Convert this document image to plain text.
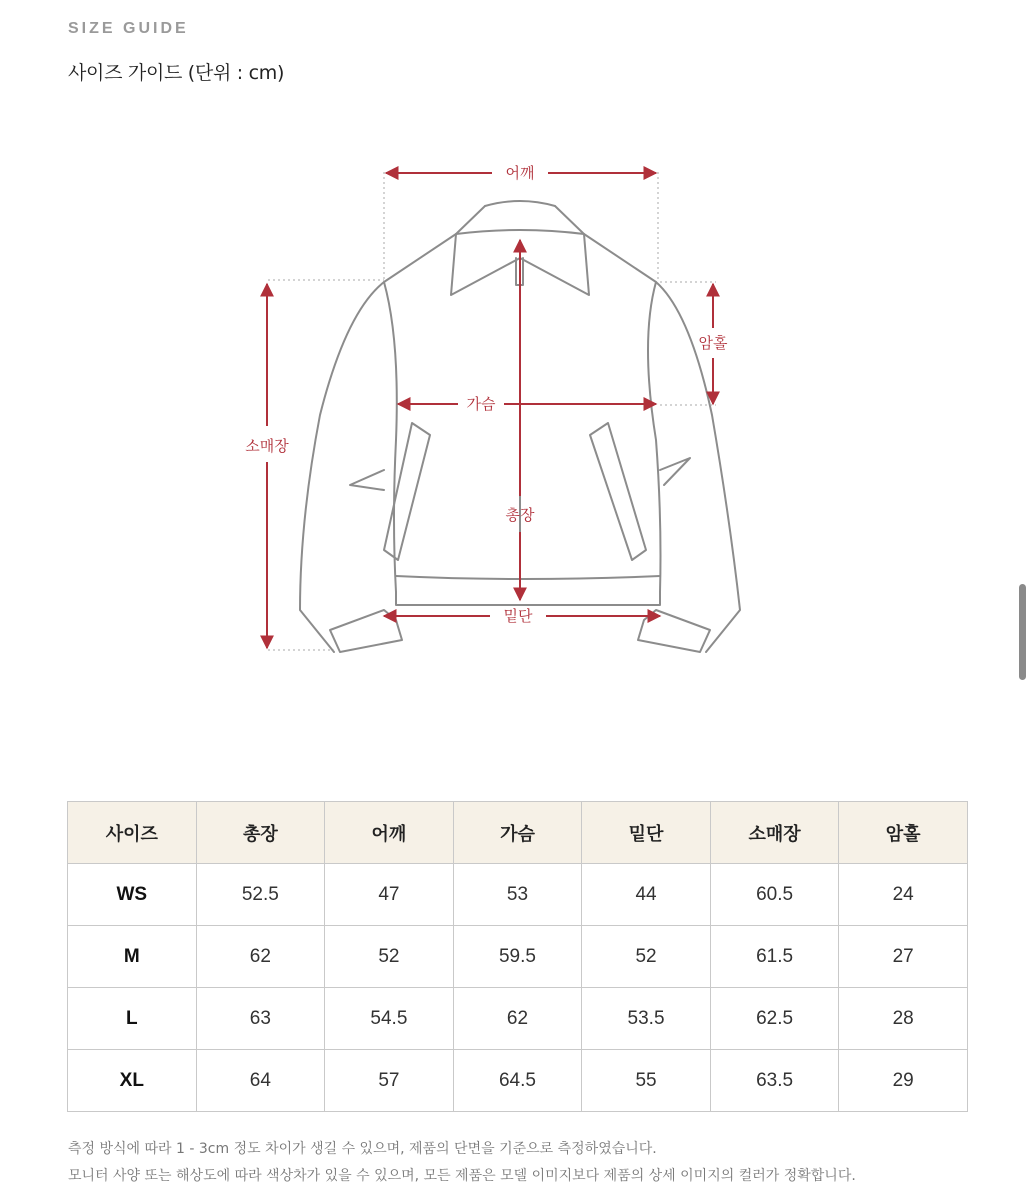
SIZE GUIDE
사이즈 가이드 (단위 : cm)
어깨
암홀
가슴
소매장
총장
밑단
사이즈	총장	어깨	가슴	밑단	소매장	암홀
WS	52.5	47	53	44	60.5	24
M	62	52	59.5	52	61.5	27
L	63	54.5	62	53.5	62.5	28
XL	64	57	64.5	55	63.5	29
측정 방식에 따라 1 - 3cm 정도 차이가 생길 수 있으며, 제품의 단면을 기준으로 측정하였습니다.
모니터 사양 또는 해상도에 따라 색상차가 있을 수 있으며, 모든 제품은 모델 이미지보다 제품의 상세 이미지의 컬러가 정확합니다.
